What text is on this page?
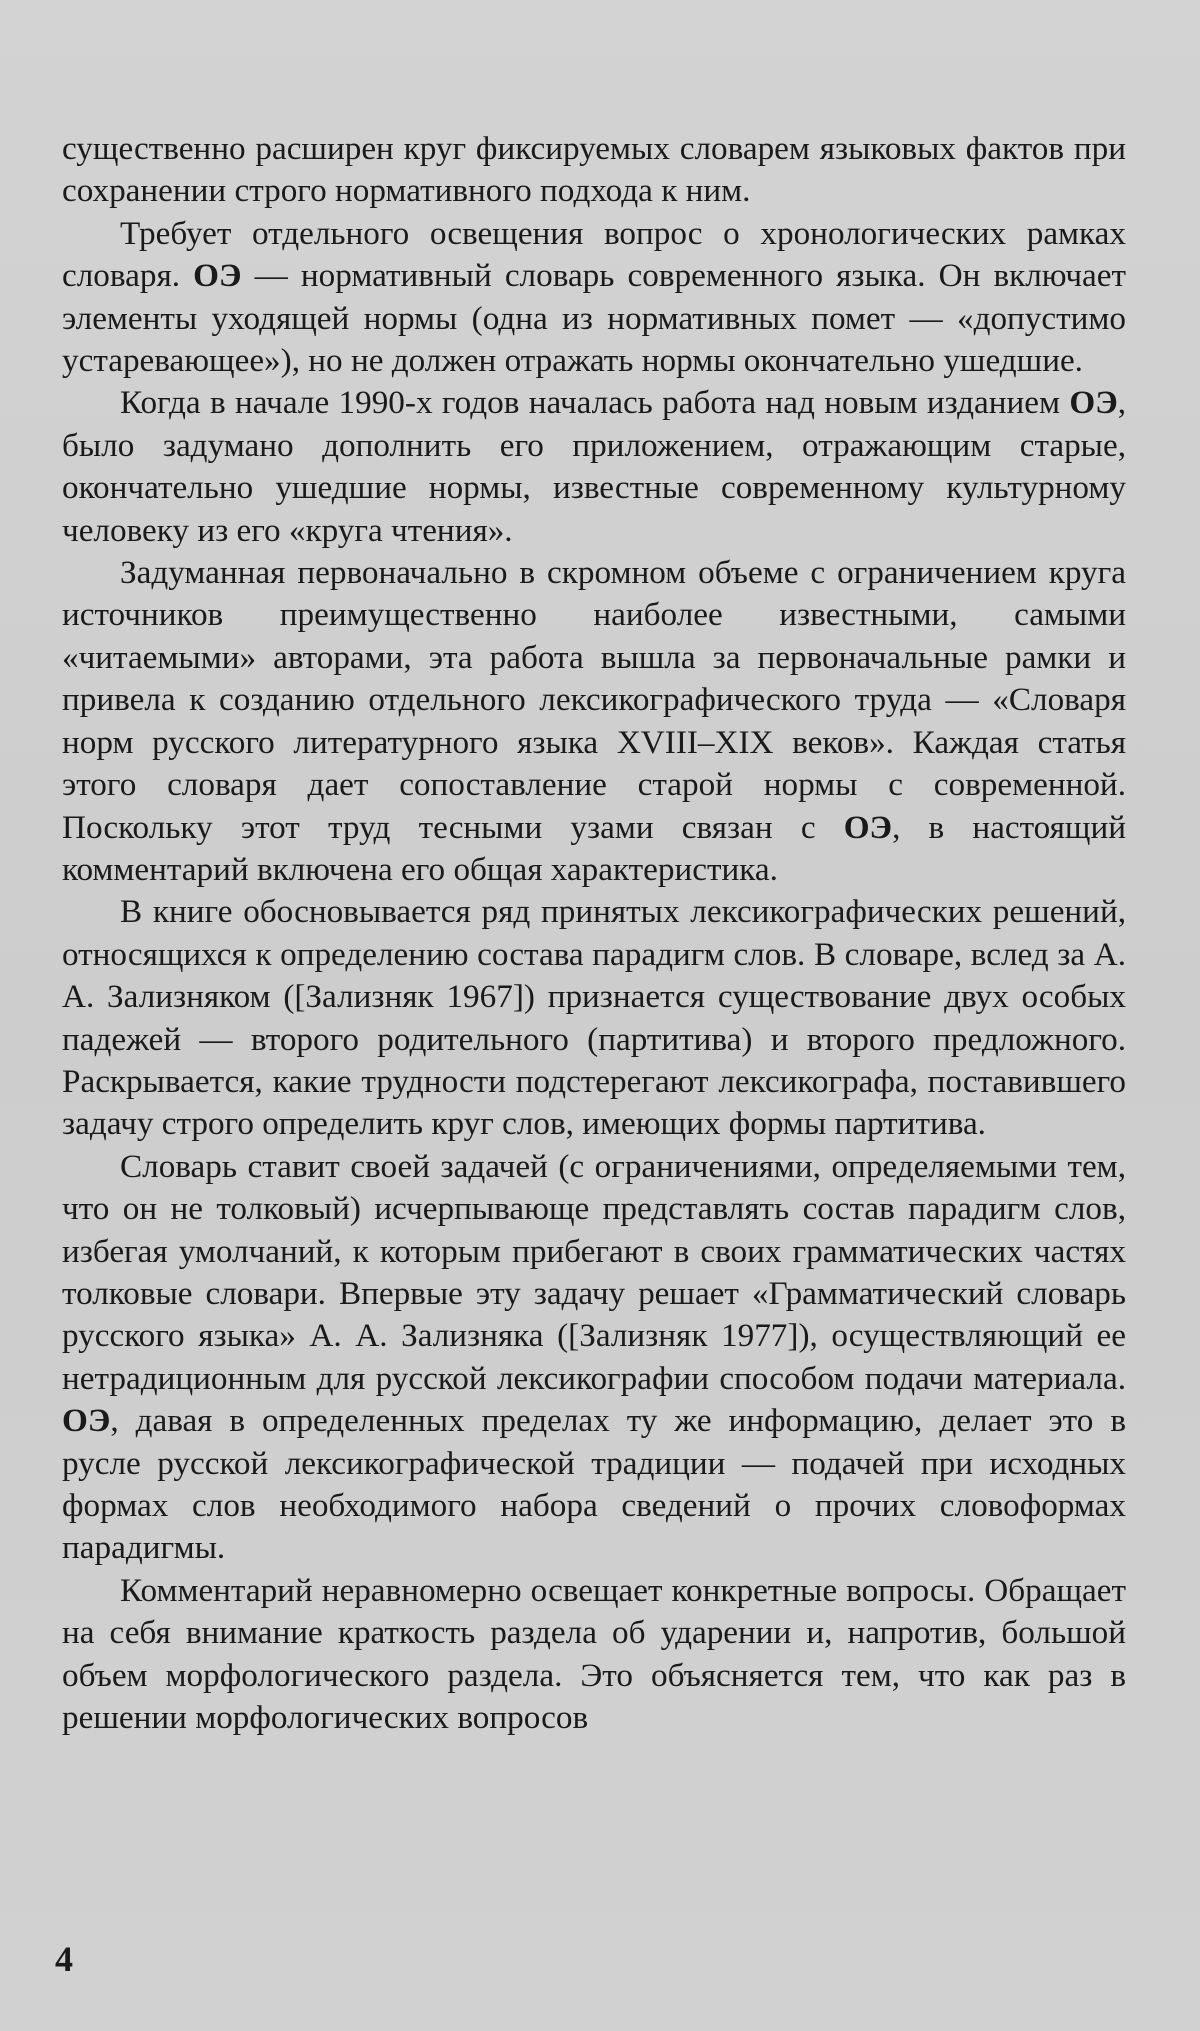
существенно расширен круг фиксируемых словарем языковых фактов при сохранении строго нормативного подхода к ним.

Требует отдельного освещения вопрос о хронологических рамках словаря. ОЭ — нормативный словарь современного языка. Он включает элементы уходящей нормы (одна из нормативных помет — «допустимо устаревающее»), но не должен отражать нормы окончательно ушедшие.

Когда в начале 1990-х годов началась работа над новым изданием ОЭ, было задумано дополнить его приложением, отражающим старые, окончательно ушедшие нормы, известные современному культурному человеку из его «круга чтения».

Задуманная первоначально в скромном объеме с ограничением круга источников преимущественно наиболее известными, самыми «читаемыми» авторами, эта работа вышла за первоначальные рамки и привела к созданию отдельного лексикографического труда — «Словаря норм русского литературного языка XVIII–XIX веков». Каждая статья этого словаря дает сопоставление старой нормы с современной. Поскольку этот труд тесными узами связан с ОЭ, в настоящий комментарий включена его общая характеристика.

В книге обосновывается ряд принятых лексикографических решений, относящихся к определению состава парадигм слов. В словаре, вслед за А. А. Зализняком ([Зализняк 1967]) признается существование двух особых падежей — второго родительного (партитива) и второго предложного. Раскрывается, какие трудности подстерегают лексикографа, поставившего задачу строго определить круг слов, имеющих формы партитива.

Словарь ставит своей задачей (с ограничениями, определяемыми тем, что он не толковый) исчерпывающе представлять состав парадигм слов, избегая умолчаний, к которым прибегают в своих грамматических частях толковые словари. Впервые эту задачу решает «Грамматический словарь русского языка» А. А. Зализняка ([Зализняк 1977]), осуществляющий ее нетрадиционным для русской лексикографии способом подачи материала. ОЭ, давая в определенных пределах ту же информацию, делает это в русле русской лексикографической традиции — подачей при исходных формах слов необходимого набора сведений о прочих словоформах парадигмы.

Комментарий неравномерно освещает конкретные вопросы. Обращает на себя внимание краткость раздела об ударении и, напротив, большой объем морфологического раздела. Это объясняется тем, что как раз в решении морфологических вопросов

4
